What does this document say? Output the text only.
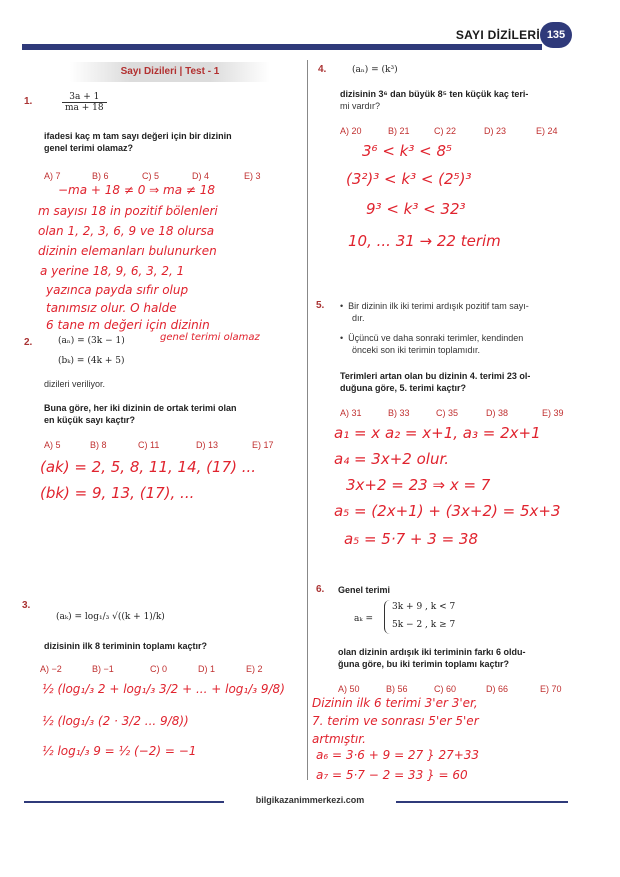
SAYI DİZİLERİ 135
Sayı Dizileri | Test - 1
1.	$\frac{3a + 1}{ma + 18}$
ifadesi kaç m tam sayı değeri için bir dizinin
genel terimi olamaz?
A) 7	B) 6	C) 5	D) 4	E) 3
−ma + 18 ≠ 0 ⇒ ma ≠ 18
m sayısı 18 in pozitif bölenleri
olan 1, 2, 3, 6, 9 ve 18 olursa
dizinin elemanları bulunurken
a yerine 18, 9, 6, 3, 2, 1
yazınca payda sıfır olup
tanımsız olur. O halde
6 tane m değeri için dizinin
genel terimi olamaz
2.	(aₙ) = (3k − 1)
(bₖ) = (4k + 5)
dizileri veriliyor.
Buna göre, her iki dizinin de ortak terimi olan
en küçük sayı kaçtır?
A) 5	B) 8	C) 11	D) 13	E) 17
(ak) = 2, 5, 8, 11, 14, (17) ...
(bk) = 9, 13, (17), ...
3.
(aₖ) = log₁/₃ √((k + 1)/k)
dizisinin ilk 8 teriminin toplamı kaçtır?
A) −2	B) −1	C) 0	D) 1	E) 2
½ (log₁/₃ 2 + log₁/₃ 3/2 + ... + log₁/₃ 9/8)
½ (log₁/₃ (2 · 3/2 ... 9/8))
½ log₁/₃ 9 = ½ (−2) = −1
4.	(aₙ) = (k³)
dizisinin 3⁶ dan büyük 8⁵ ten küçük kaç teri-
mi vardır?
A) 20	B) 21	C) 22	D) 23	E) 24
3⁶ < k³ < 8⁵
(3²)³ < k³ < (2⁵)³
9³ < k³ < 32³
10, ... 31 → 22 terim
5. •  Bir dizinin ilk iki terimi ardışık pozitif tam sayı-
dır.
•  Üçüncü ve daha sonraki terimler, kendinden
önceki son iki terimin toplamıdır.
Terimleri artan olan bu dizinin 4. terimi 23 ol-
duğuna göre, 5. terimi kaçtır?
A) 31	B) 33	C) 35	D) 38	E) 39
a₁ = x a₂ = x+1, a₃ = 2x+1
a₄ = 3x+2 olur.
3x+2 = 23 ⇒ x = 7
a₅ = (2x+1) + (3x+2) = 5x+3
a₅ = 5·7 + 3 = 38
6. Genel terimi
aₖ =
3k + 9 , k < 7
5k − 2 , k ≥ 7
olan dizinin ardışık iki teriminin farkı 6 oldu-
ğuna göre, bu iki terimin toplamı kaçtır?
A) 50	B) 56	C) 60	D) 66	E) 70
Dizinin ilk 6 terimi 3'er 3'er,
7. terim ve sonrası 5'er 5'er
artmıştır.
a₆ = 3·6 + 9 = 27 } 27+33
a₇ = 5·7 − 2 = 33 } = 60
bilgikazanimmerkezi.com
